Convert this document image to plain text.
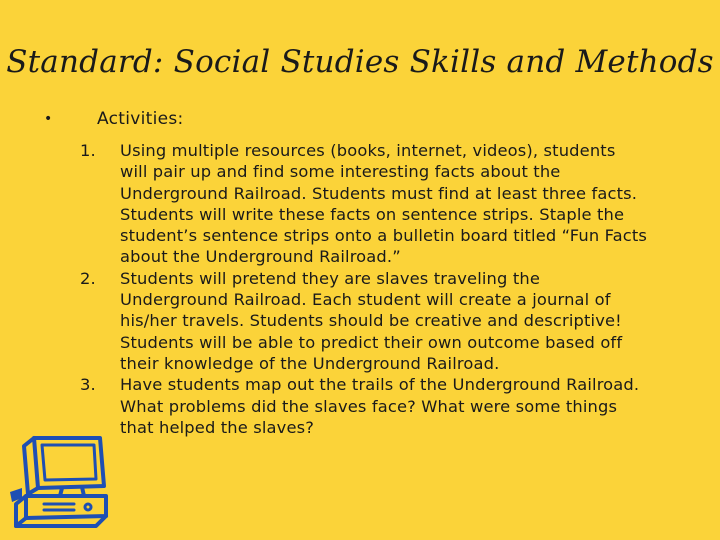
Standard: Social Studies Skills and Methods
•	Activities:
1. Using multiple resources (books, internet, videos), students
will pair up and find some interesting facts about the
Underground Railroad. Students must find at least three facts.
Students will write these facts on sentence strips. Staple the
student’s sentence strips onto a bulletin board titled “Fun Facts
about the Underground Railroad.”
2. Students will pretend they are slaves traveling the
Underground Railroad. Each student will create a journal of
his/her travels. Students should be creative and descriptive!
Students will be able to predict their own outcome based off
their knowledge of the Underground Railroad.
3. Have students map out the trails of the Underground Railroad.
What problems did the slaves face? What were some things
that helped the slaves?
